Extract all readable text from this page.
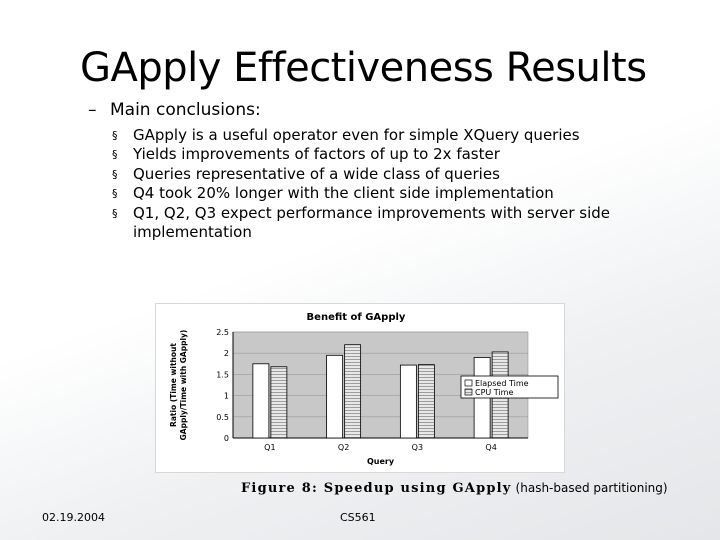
GApply Effectiveness Results
– Main conclusions:
§ GApply is a useful operator even for simple XQuery queries
§ Yields improvements of factors of up to 2x faster
§ Queries representative of a wide class of queries
§ Q4 took 20% longer with the client side implementation
§ Q1, Q2, Q3 expect performance improvements with server side implementation
Benefit of GApply
0
0.5
1
1.5
2
2.5
Q1	Q2	Q3	Q4
Query
Ratio (Time without GApply/Time with GApply)	Elapsed Time
CPU Time
Figure 8: Speedup using GApply (hash-based partitioning)
02.19.2004	CS561
